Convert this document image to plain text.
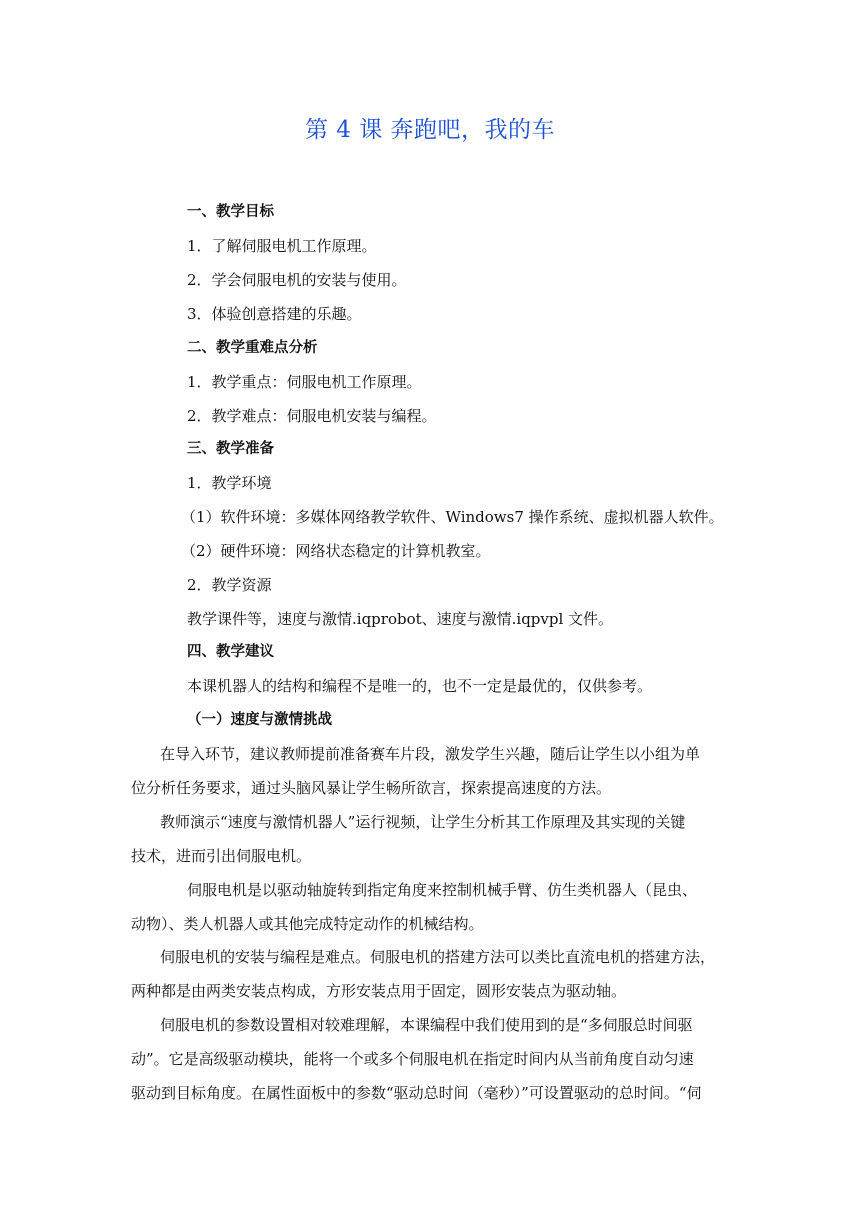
第 4 课 奔跑吧，我的车
一、教学目标
1．了解伺服电机工作原理。
2．学会伺服电机的安装与使用。
3．体验创意搭建的乐趣。
二、教学重难点分析
1．教学重点：伺服电机工作原理。
2．教学难点：伺服电机安装与编程。
三、教学准备
1．教学环境
（1）软件环境：多媒体网络教学软件、Windows7 操作系统、虚拟机器人软件。
（2）硬件环境：网络状态稳定的计算机教室。
2．教学资源
教学课件等，速度与激情.iqprobot、速度与激情.iqpvpl 文件。
四、教学建议
本课机器人的结构和编程不是唯一的，也不一定是最优的，仅供参考。
（一）速度与激情挑战
在导入环节，建议教师提前准备赛车片段，激发学生兴趣，随后让学生以小组为单
位分析任务要求，通过头脑风暴让学生畅所欲言，探索提高速度的方法。
教师演示“速度与激情机器人”运行视频，让学生分析其工作原理及其实现的关键
技术，进而引出伺服电机。
伺服电机是以驱动轴旋转到指定角度来控制机械手臂、仿生类机器人（昆虫、
动物）、类人机器人或其他完成特定动作的机械结构。
伺服电机的安装与编程是难点。伺服电机的搭建方法可以类比直流电机的搭建方法，
两种都是由两类安装点构成，方形安装点用于固定，圆形安装点为驱动轴。
伺服电机的参数设置相对较难理解，本课编程中我们使用到的是“多伺服总时间驱
动”。它是高级驱动模块，能将一个或多个伺服电机在指定时间内从当前角度自动匀速
驱动到目标角度。在属性面板中的参数“驱动总时间（毫秒）”可设置驱动的总时间。“伺
